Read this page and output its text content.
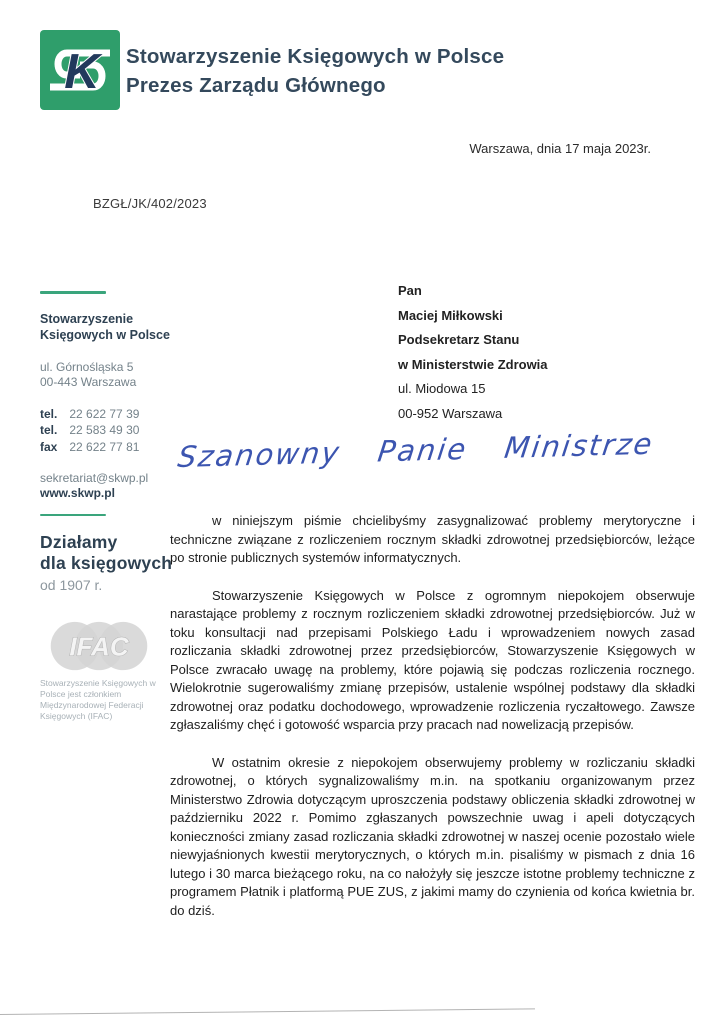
K Stowarzyszenie Księgowych w Polsce
Prezes Zarządu Głównego
Warszawa, dnia 17 maja 2023r.
BZGŁ/JK/402/2023
Stowarzyszenie
Księgowych w Polsce
ul. Górnośląska 5
00-443 Warszawa
tel. 22 622 77 39
tel. 22 583 49 30
fax 22 622 77 81
sekretariat@skwp.pl
www.skwp.pl
Działamy
dla księgowych
od 1907 r.
IFAC
Stowarzyszenie Księgowych w Polsce jest członkiem Międzynarodowej Federacji Księgowych (IFAC)
Pan
Maciej Miłkowski
Podsekretarz Stanu
w Ministerstwie Zdrowia
ul. Miodowa 15
00-952 Warszawa
Szanowny Panie Ministrze

w niniejszym piśmie chcielibyśmy zasygnalizować problemy merytoryczne i techniczne związane z rozliczeniem rocznym składki zdrowotnej przedsiębiorców, leżące po stronie publicznych systemów informatycznych.

Stowarzyszenie Księgowych w Polsce z ogromnym niepokojem obserwuje narastające problemy z rocznym rozliczeniem składki zdrowotnej przedsiębiorców. Już w toku konsultacji nad przepisami Polskiego Ładu i wprowadzeniem nowych zasad rozliczania składki zdrowotnej przez przedsiębiorców, Stowarzyszenie Księgowych w Polsce zwracało uwagę na problemy, które pojawią się podczas rozliczenia rocznego. Wielokrotnie sugerowaliśmy zmianę przepisów, ustalenie wspólnej podstawy dla składki zdrowotnej oraz podatku dochodowego, wprowadzenie rozliczenia ryczałtowego. Zawsze zgłaszaliśmy chęć i gotowość wsparcia przy pracach nad nowelizacją przepisów.

W ostatnim okresie z niepokojem obserwujemy problemy w rozliczaniu składki zdrowotnej, o których sygnalizowaliśmy m.in. na spotkaniu organizowanym przez Ministerstwo Zdrowia dotyczącym uproszczenia podstawy obliczenia składki zdrowotnej w październiku 2022 r. Pomimo zgłaszanych powszechnie uwag i apeli dotyczących konieczności zmiany zasad rozliczania składki zdrowotnej w naszej ocenie pozostało wiele niewyjaśnionych kwestii merytorycznych, o których m.in. pisaliśmy w pismach z dnia 16 lutego i 30 marca bieżącego roku, na co nałożyły się jeszcze istotne problemy techniczne z programem Płatnik i platformą PUE ZUS, z jakimi mamy do czynienia od końca kwietnia br. do dziś.
